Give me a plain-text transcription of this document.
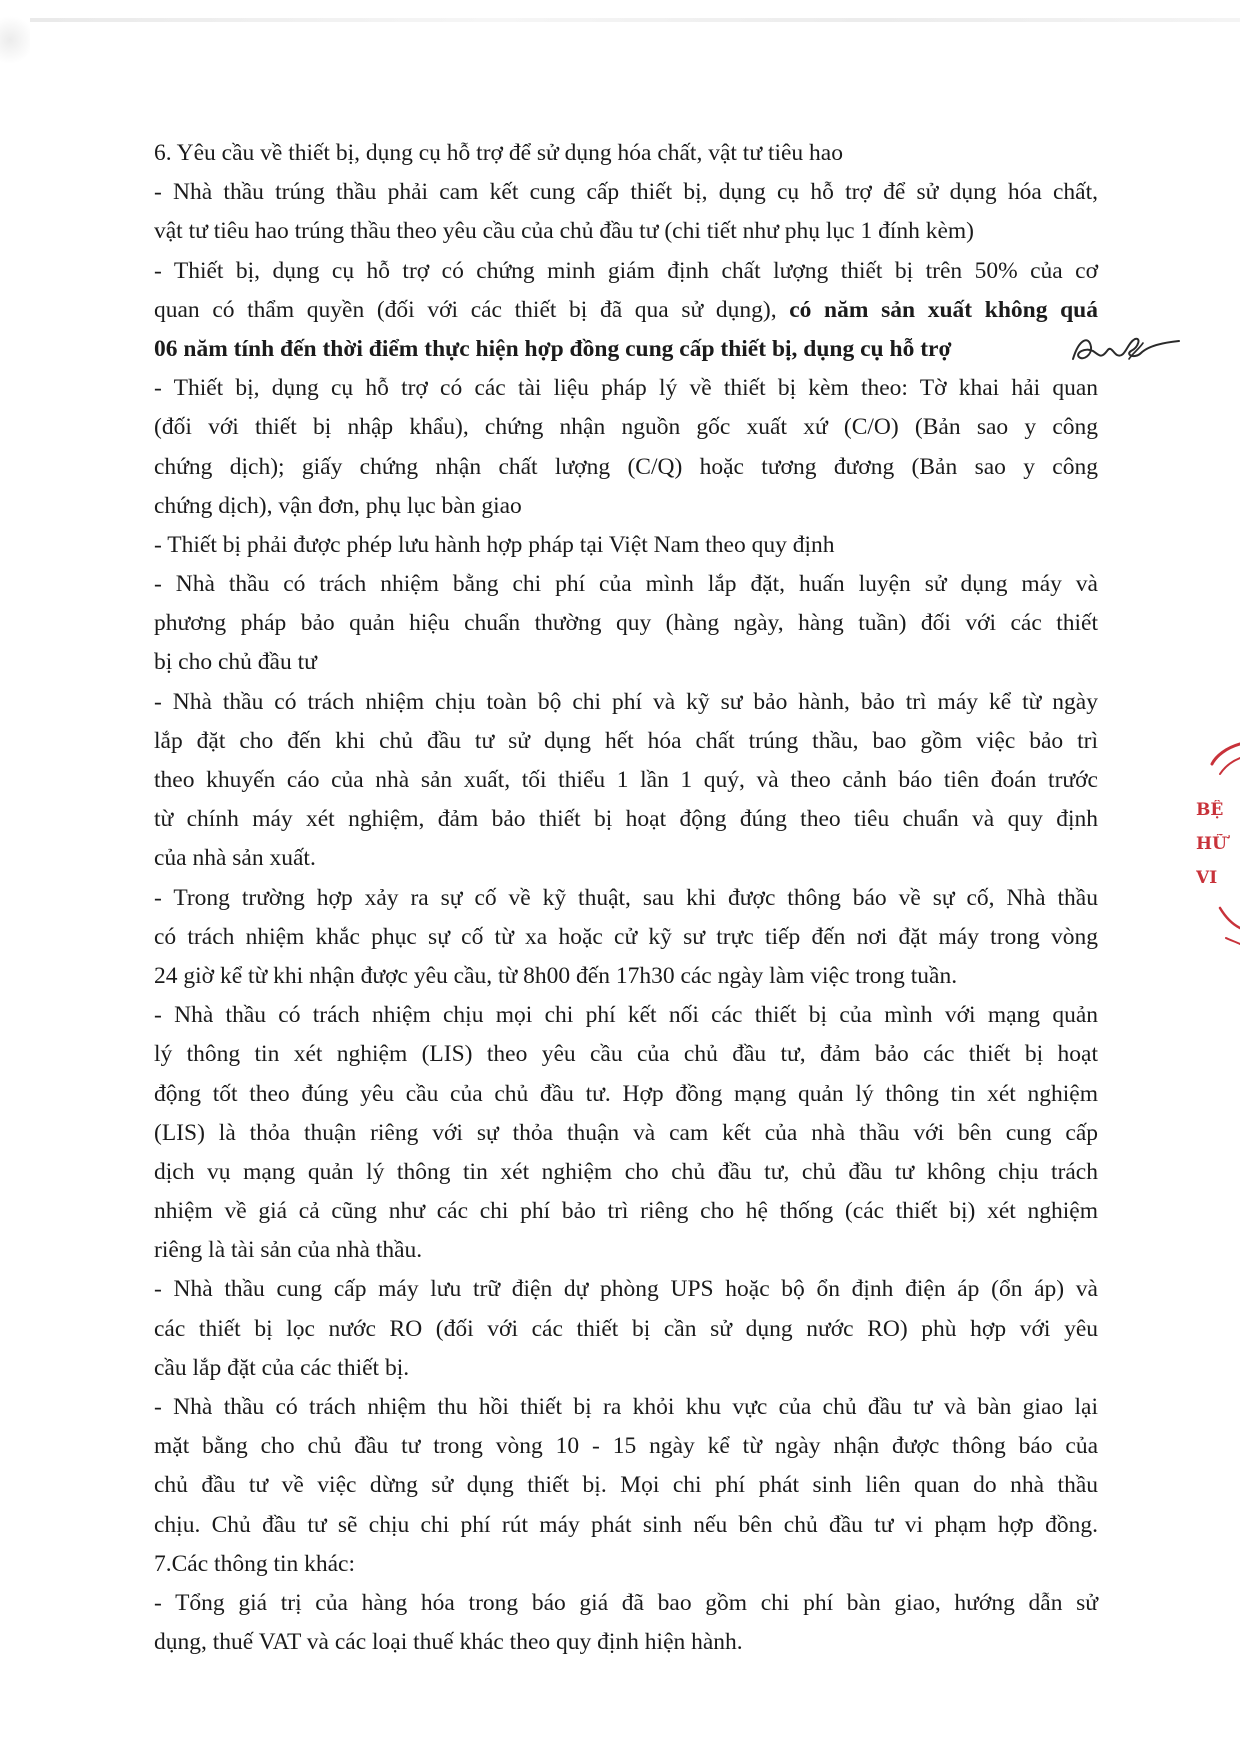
6. Yêu cầu về thiết bị, dụng cụ hỗ trợ để sử dụng hóa chất, vật tư tiêu hao
- Nhà thầu trúng thầu phải cam kết cung cấp thiết bị, dụng cụ hỗ trợ để sử dụng hóa chất,
vật tư tiêu hao trúng thầu theo yêu cầu của chủ đầu tư (chi tiết như phụ lục 1 đính kèm)
- Thiết bị, dụng cụ hỗ trợ có chứng minh giám định chất lượng thiết bị trên 50% của cơ
quan có thẩm quyền (đối với các thiết bị đã qua sử dụng), có năm sản xuất không quá
06 năm tính đến thời điểm thực hiện hợp đồng cung cấp thiết bị, dụng cụ hỗ trợ
- Thiết bị, dụng cụ hỗ trợ có các tài liệu pháp lý về thiết bị kèm theo: Tờ khai hải quan
(đối với thiết bị nhập khẩu), chứng nhận nguồn gốc xuất xứ (C/O) (Bản sao y công
chứng dịch); giấy chứng nhận chất lượng (C/Q) hoặc tương đương (Bản sao y công
chứng dịch), vận đơn, phụ lục bàn giao
- Thiết bị phải được phép lưu hành hợp pháp tại Việt Nam theo quy định
- Nhà thầu có trách nhiệm bằng chi phí của mình lắp đặt, huấn luyện sử dụng máy và
phương pháp bảo quản hiệu chuẩn thường quy (hàng ngày, hàng tuần) đối với các thiết
bị cho chủ đầu tư
- Nhà thầu có trách nhiệm chịu toàn bộ chi phí và kỹ sư bảo hành, bảo trì máy kể từ ngày
lắp đặt cho đến khi chủ đầu tư sử dụng hết hóa chất trúng thầu, bao gồm việc bảo trì
theo khuyến cáo của nhà sản xuất, tối thiểu 1 lần 1 quý, và theo cảnh báo tiên đoán trước
từ chính máy xét nghiệm, đảm bảo thiết bị hoạt động đúng theo tiêu chuẩn và quy định
của nhà sản xuất.
- Trong trường hợp xảy ra sự cố về kỹ thuật, sau khi được thông báo về sự cố, Nhà thầu
có trách nhiệm khắc phục sự cố từ xa hoặc cử kỹ sư trực tiếp đến nơi đặt máy trong vòng
24 giờ kể từ khi nhận được yêu cầu, từ 8h00 đến 17h30 các ngày làm việc trong tuần.
- Nhà thầu có trách nhiệm chịu mọi chi phí kết nối các thiết bị của mình với mạng quản
lý thông tin xét nghiệm (LIS) theo yêu cầu của chủ đầu tư, đảm bảo các thiết bị hoạt
động tốt theo đúng yêu cầu của chủ đầu tư. Hợp đồng mạng quản lý thông tin xét nghiệm
(LIS) là thỏa thuận riêng với sự thỏa thuận và cam kết của nhà thầu với bên cung cấp
dịch vụ mạng quản lý thông tin xét nghiệm cho chủ đầu tư, chủ đầu tư không chịu trách
nhiệm về giá cả cũng như các chi phí bảo trì riêng cho hệ thống (các thiết bị) xét nghiệm
riêng là tài sản của nhà thầu.
- Nhà thầu cung cấp máy lưu trữ điện dự phòng UPS hoặc bộ ổn định điện áp (ổn áp) và
các thiết bị lọc nước RO (đối với các thiết bị cần sử dụng nước RO) phù hợp với yêu
cầu lắp đặt của các thiết bị.
- Nhà thầu có trách nhiệm thu hồi thiết bị ra khỏi khu vực của chủ đầu tư và bàn giao lại
mặt bằng cho chủ đầu tư trong vòng 10 - 15 ngày kể từ ngày nhận được thông báo của
chủ đầu tư về việc dừng sử dụng thiết bị. Mọi chi phí phát sinh liên quan do nhà thầu
chịu. Chủ đầu tư sẽ chịu chi phí rút máy phát sinh nếu bên chủ đầu tư vi phạm hợp đồng.
7.Các thông tin khác:
- Tổng giá trị của hàng hóa trong báo giá đã bao gồm chi phí bàn giao, hướng dẫn sử
dụng, thuế VAT và các loại thuế khác theo quy định hiện hành.
BỆ
HỮ
VI
